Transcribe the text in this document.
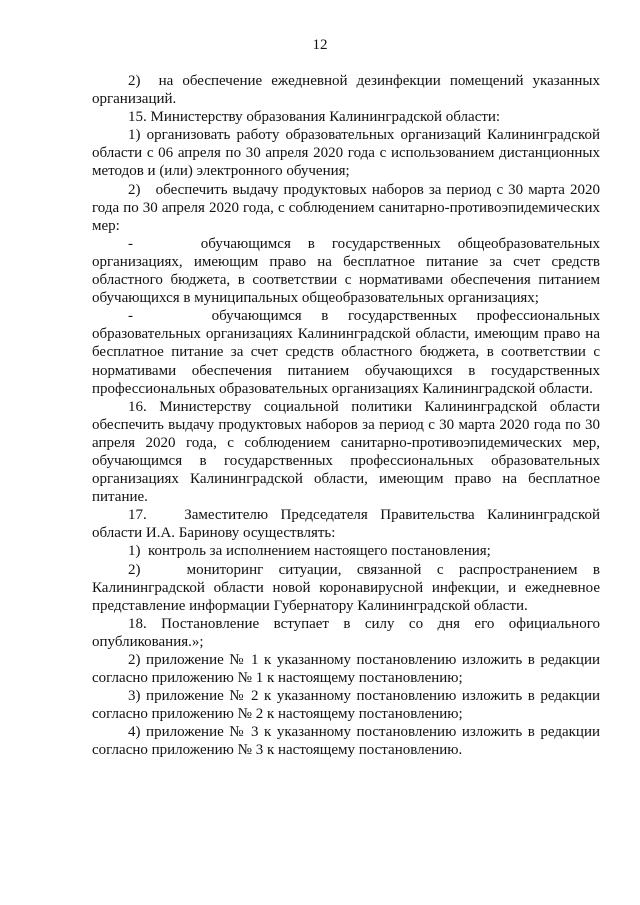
12

2)  на обеспечение ежедневной дезинфекции помещений указанных организаций.

15. Министерству образования Калининградской области:

1) организовать работу образовательных организаций Калининградской области с 06 апреля по 30 апреля 2020 года с использованием дистанционных методов и (или) электронного обучения;

2)   обеспечить выдачу продуктовых наборов за период с 30 марта 2020 года по 30 апреля 2020 года, с соблюдением санитарно-противоэпидемических мер:

-    обучающимся в государственных общеобразовательных организациях, имеющим право на бесплатное питание за счет средств областного бюджета, в соответствии с нормативами обеспечения питанием обучающихся в муниципальных общеобразовательных организациях;

-    обучающимся в государственных профессиональных образовательных организациях Калининградской области, имеющим право на бесплатное питание за счет средств областного бюджета, в соответствии с нормативами обеспечения питанием обучающихся в государственных профессиональных образовательных организациях Калининградской области.

16. Министерству социальной политики Калининградской области обеспечить выдачу продуктовых наборов за период с 30 марта 2020 года по 30 апреля 2020 года, с соблюдением санитарно-противоэпидемических мер, обучающимся в государственных профессиональных образовательных организациях Калининградской области, имеющим право на бесплатное питание.

17.   Заместителю Председателя Правительства Калининградской области И.А. Баринову осуществлять:

1)  контроль за исполнением настоящего постановления;

2)   мониторинг ситуации, связанной с распространением в Калининградской области новой коронавирусной инфекции, и ежедневное представление информации Губернатору Калининградской области.

18. Постановление вступает в силу со дня его официального опубликования.»;

2) приложение № 1 к указанному постановлению изложить в редакции согласно приложению № 1 к настоящему постановлению;

3) приложение № 2 к указанному постановлению изложить в редакции согласно приложению № 2 к настоящему постановлению;

4) приложение № 3 к указанному постановлению изложить в редакции согласно приложению № 3 к настоящему постановлению.
